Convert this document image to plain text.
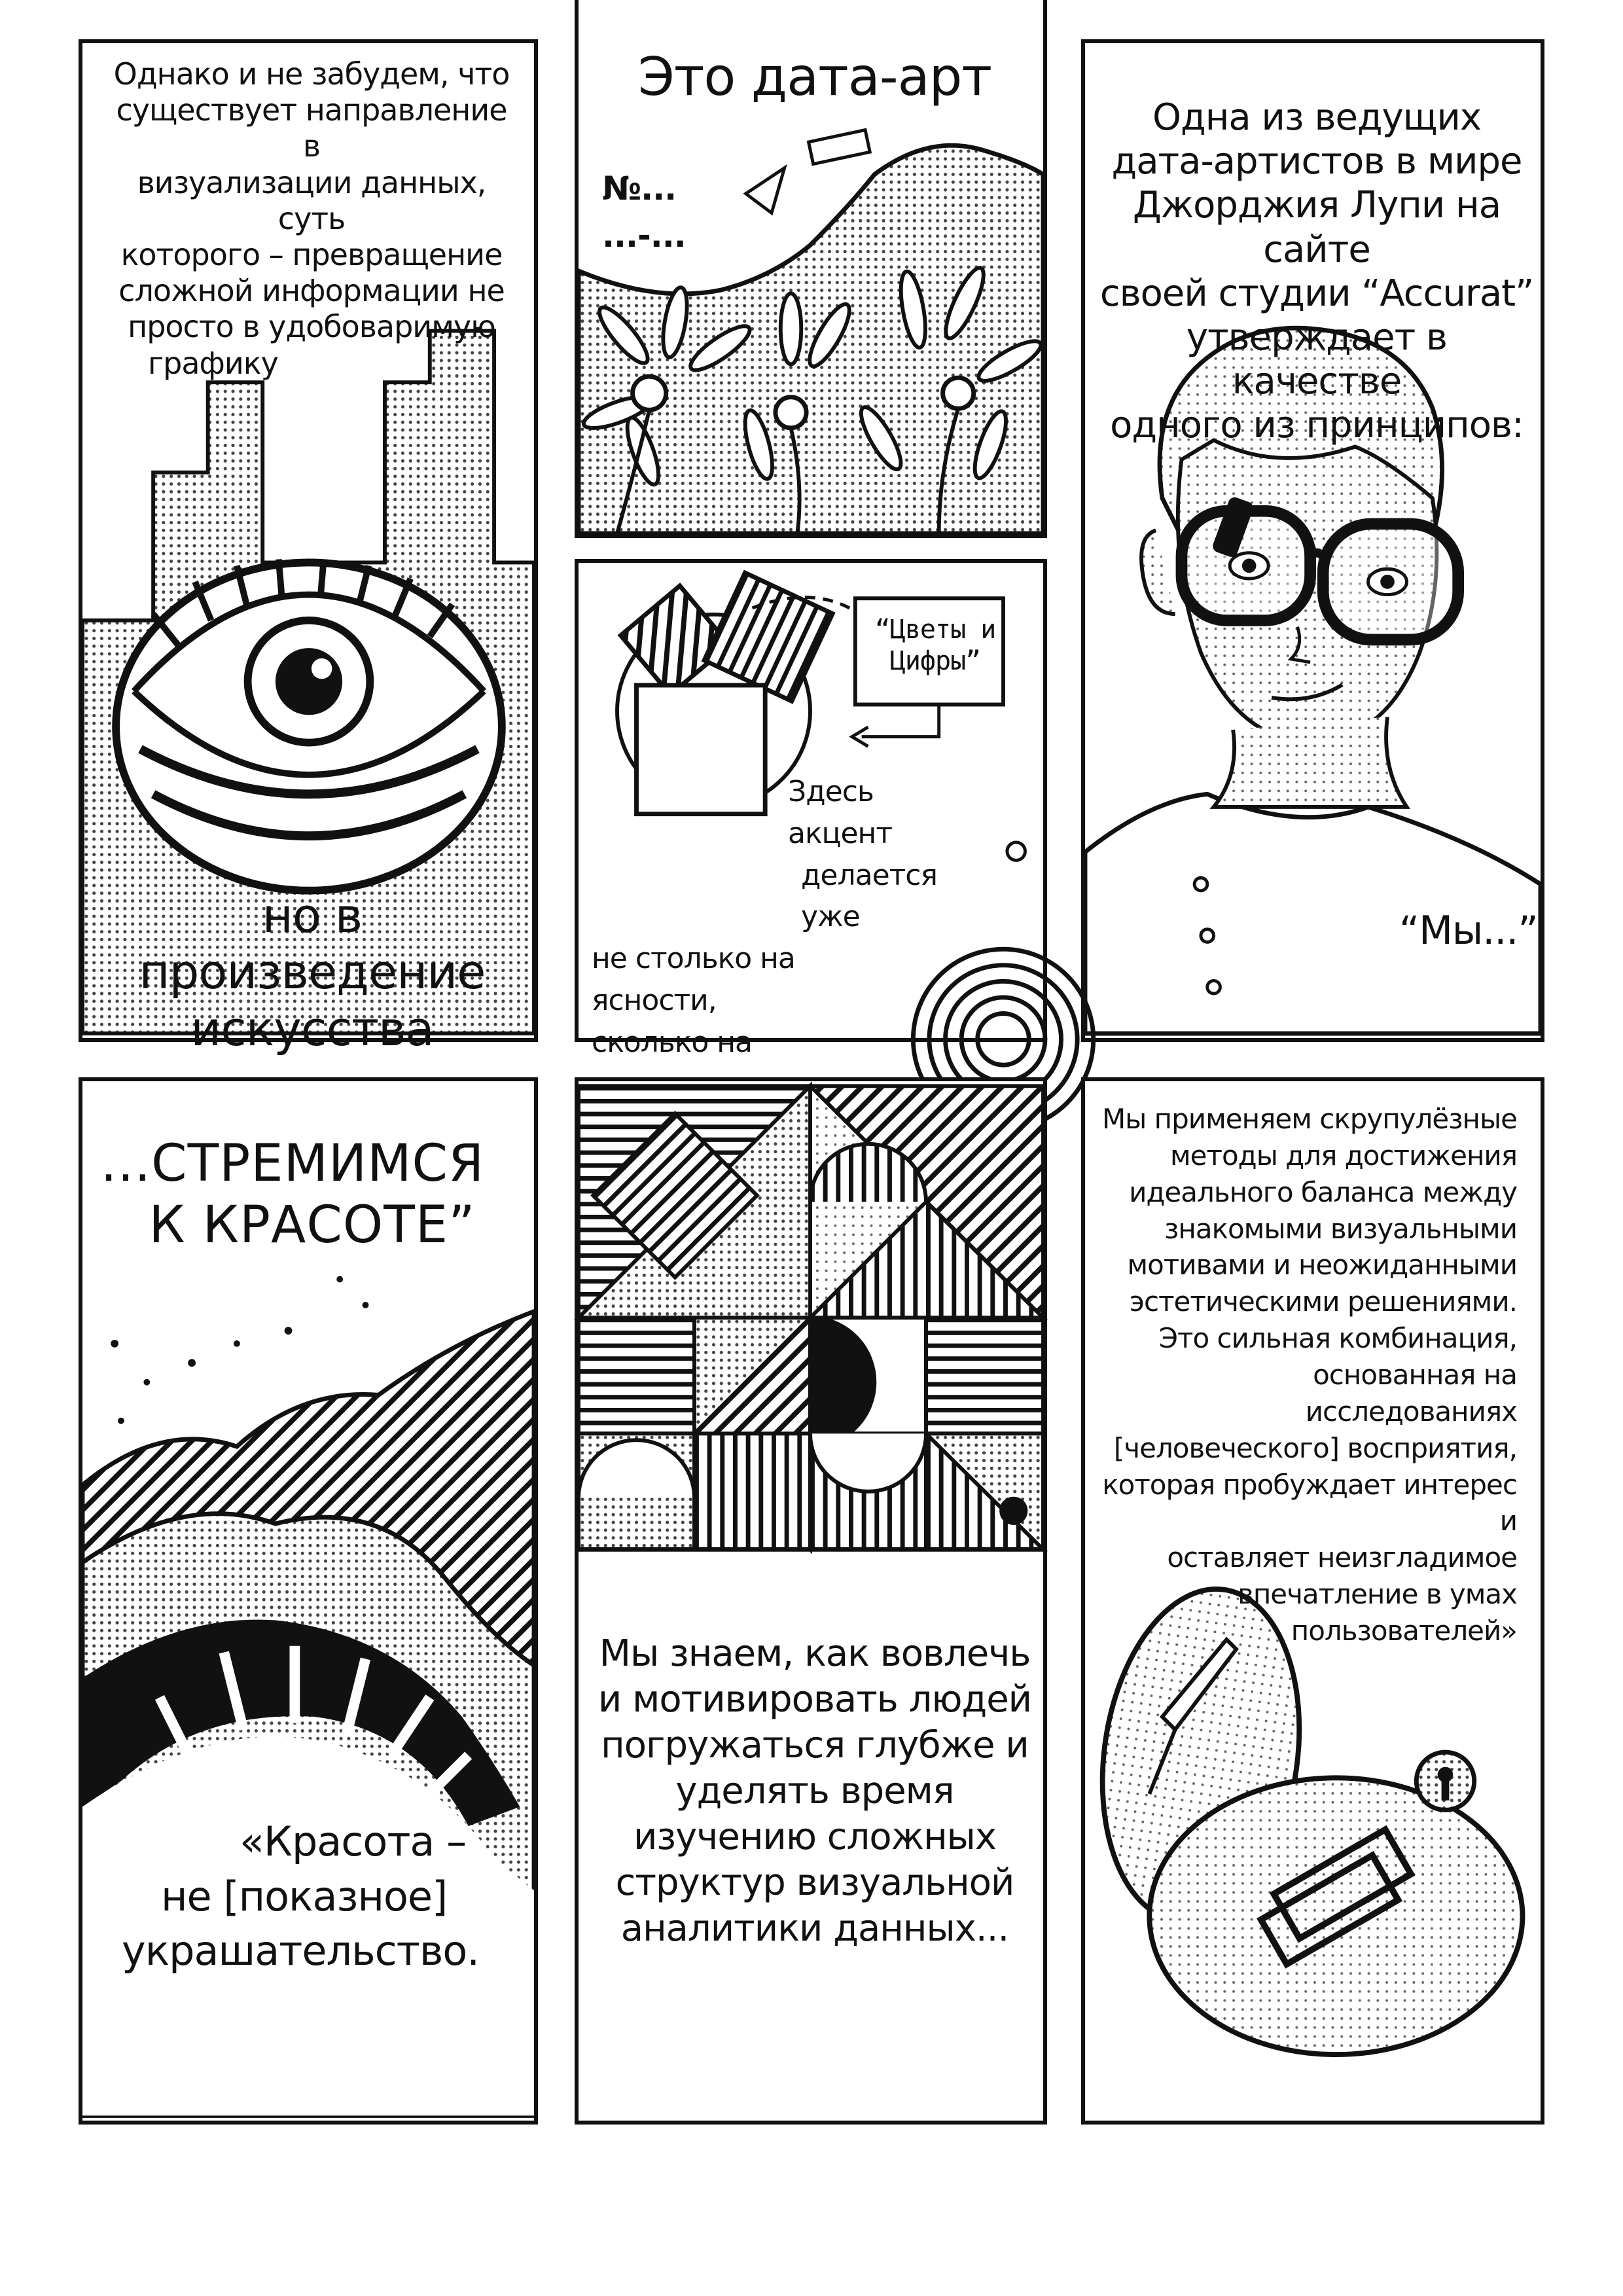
Однако и не забудем, что
существует направление в
визуализации данных, суть
которого – превращение
сложной информации не
просто в удобоваримую
графику
но в произведение
искусства
Это дата-арт
№...
...-...
Одна из ведущих
дата-артистов в мире
Джорджия Лупи на сайте
своей студии “Accurat”
утверждает в качестве
одного из принципов:
“Мы...”
“Цветы и
Цифры”
Здесь акцент
делается уже
не столько на ясности,
сколько на
...СТРЕМИМСЯ
К КРАСОТЕ”
«Красота –
не [показное]
украшательство.
Мы знаем, как вовлечь
и мотивировать людей
погружаться глубже и
уделять время
изучению сложных
структур визуальной
аналитики данных...
Мы применяем скрупулёзные
методы для достижения
идеального баланса между
знакомыми визуальными
мотивами и неожиданными
эстетическими решениями.
Это сильная комбинация,
основанная на исследованиях
[человеческого] восприятия,
которая пробуждает интерес и
оставляет неизгладимое
впечатление в умах
пользователей»
